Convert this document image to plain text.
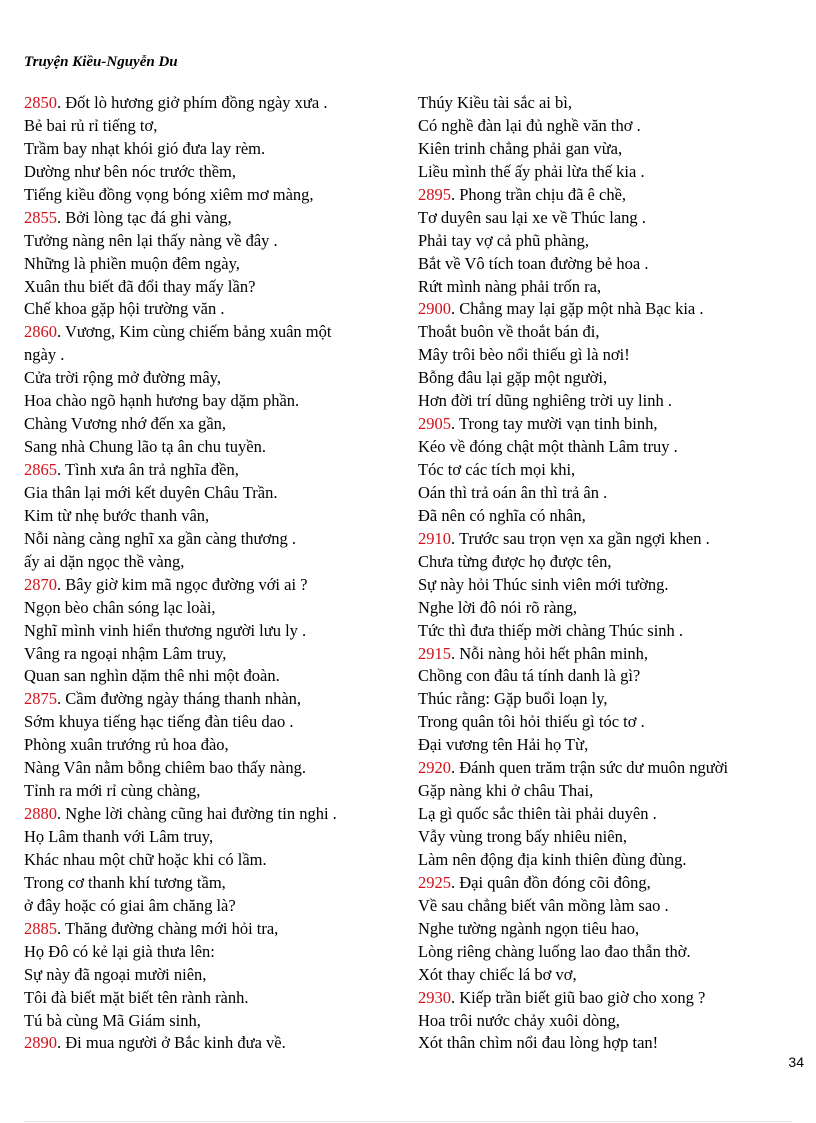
Truyện Kiều-Nguyễn Du
2850. Đốt lò hương giở phím đồng ngày xưa .
Bẻ bai rủ rỉ tiếng tơ,
Trầm bay nhạt khói gió đưa lay rèm.
Dường như bên nóc trước thềm,
Tiếng kiều đồng vọng bóng xiêm mơ màng,
2855. Bởi lòng tạc đá ghi vàng,
Tưởng nàng nên lại thấy nàng về đây .
Những là phiền muộn đêm ngày,
Xuân thu biết đã đổi thay mấy lần?
Chế khoa gặp hội trường văn .
2860. Vương, Kim cùng chiếm bảng xuân một
ngày .
Cửa trời rộng mở đường mây,
Hoa chào ngõ hạnh hương bay dặm phần.
Chàng Vương nhớ đến xa gần,
Sang nhà Chung lão tạ ân chu tuyền.
2865. Tình xưa ân trả nghĩa đền,
Gia thân lại mới kết duyên Châu Trần.
Kim từ nhẹ bước thanh vân,
Nỗi nàng càng nghĩ xa gần càng thương .
ấy ai dặn ngọc thề vàng,
2870. Bây giờ kim mã ngọc đường với ai ?
Ngọn bèo chân sóng lạc loài,
Nghĩ mình vinh hiển thương người lưu ly .
Vâng ra ngoại nhậm Lâm truy,
Quan san nghìn dặm thê nhi một đoàn.
2875. Cầm đường ngày tháng thanh nhàn,
Sớm khuya tiếng hạc tiếng đàn tiêu dao .
Phòng xuân trướng rủ hoa đào,
Nàng Vân nằm bỗng chiêm bao thấy nàng.
Tỉnh ra mới rỉ cùng chàng,
2880. Nghe lời chàng cũng hai đường tin nghi .
Họ Lâm thanh với Lâm truy,
Khác nhau một chữ hoặc khi có lầm.
Trong cơ thanh khí tương tầm,
ở đây hoặc có giai âm chăng là?
2885. Thăng đường chàng mới hỏi tra,
Họ Đô có kẻ lại già thưa lên:
Sự này đã ngoại mười niên,
Tôi đà biết mặt biết tên rành rành.
Tú bà cùng Mã Giám sinh,
2890. Đi mua người ở Bắc kinh đưa về.
Thúy Kiều tài sắc ai bì,
Có nghề đàn lại đủ nghề văn thơ .
Kiên trinh chẳng phải gan vừa,
Liều mình thế ấy phải lừa thế kia .
2895. Phong trần chịu đã ê chề,
Tơ duyên sau lại xe về Thúc lang .
Phải tay vợ cả phũ phàng,
Bắt về Vô tích toan đường bẻ hoa .
Rứt mình nàng phải trốn ra,
2900. Chẳng may lại gặp một nhà Bạc kia .
Thoắt buôn về thoắt bán đi,
Mây trôi bèo nổi thiếu gì là nơi!
Bỗng đâu lại gặp một người,
Hơn đời trí dũng nghiêng trời uy linh .
2905. Trong tay mười vạn tinh binh,
Kéo về đóng chật một thành Lâm truy .
Tóc tơ các tích mọi khi,
Oán thì trả oán ân thì trả ân .
Đã nên có nghĩa có nhân,
2910. Trước sau trọn vẹn xa gần ngợi khen .
Chưa từng được họ được tên,
Sự này hỏi Thúc sinh viên mới tường.
Nghe lời đô nói rõ ràng,
Tức thì đưa thiếp mời chàng Thúc sinh .
2915. Nỗi nàng hỏi hết phân minh,
Chồng con đâu tá tính danh là gì?
Thúc rằng: Gặp buổi loạn ly,
Trong quân tôi hỏi thiếu gì tóc tơ .
Đại vương tên Hải họ Từ,
2920. Đánh quen trăm trận sức dư muôn người
Gặp nàng khi ở châu Thai,
Lạ gì quốc sắc thiên tài phải duyên .
Vẫy vùng trong bấy nhiêu niên,
Làm nên động địa kinh thiên đùng đùng.
2925. Đại quân đồn đóng cõi đông,
Về sau chẳng biết vân mồng làm sao .
Nghe tường ngành ngọn tiêu hao,
Lòng riêng chàng luống lao đao thẫn thờ.
Xót thay chiếc lá bơ vơ,
2930. Kiếp trần biết giũ bao giờ cho xong ?
Hoa trôi nước chảy xuôi dòng,
Xót thân chìm nổi đau lòng hợp tan!
34
